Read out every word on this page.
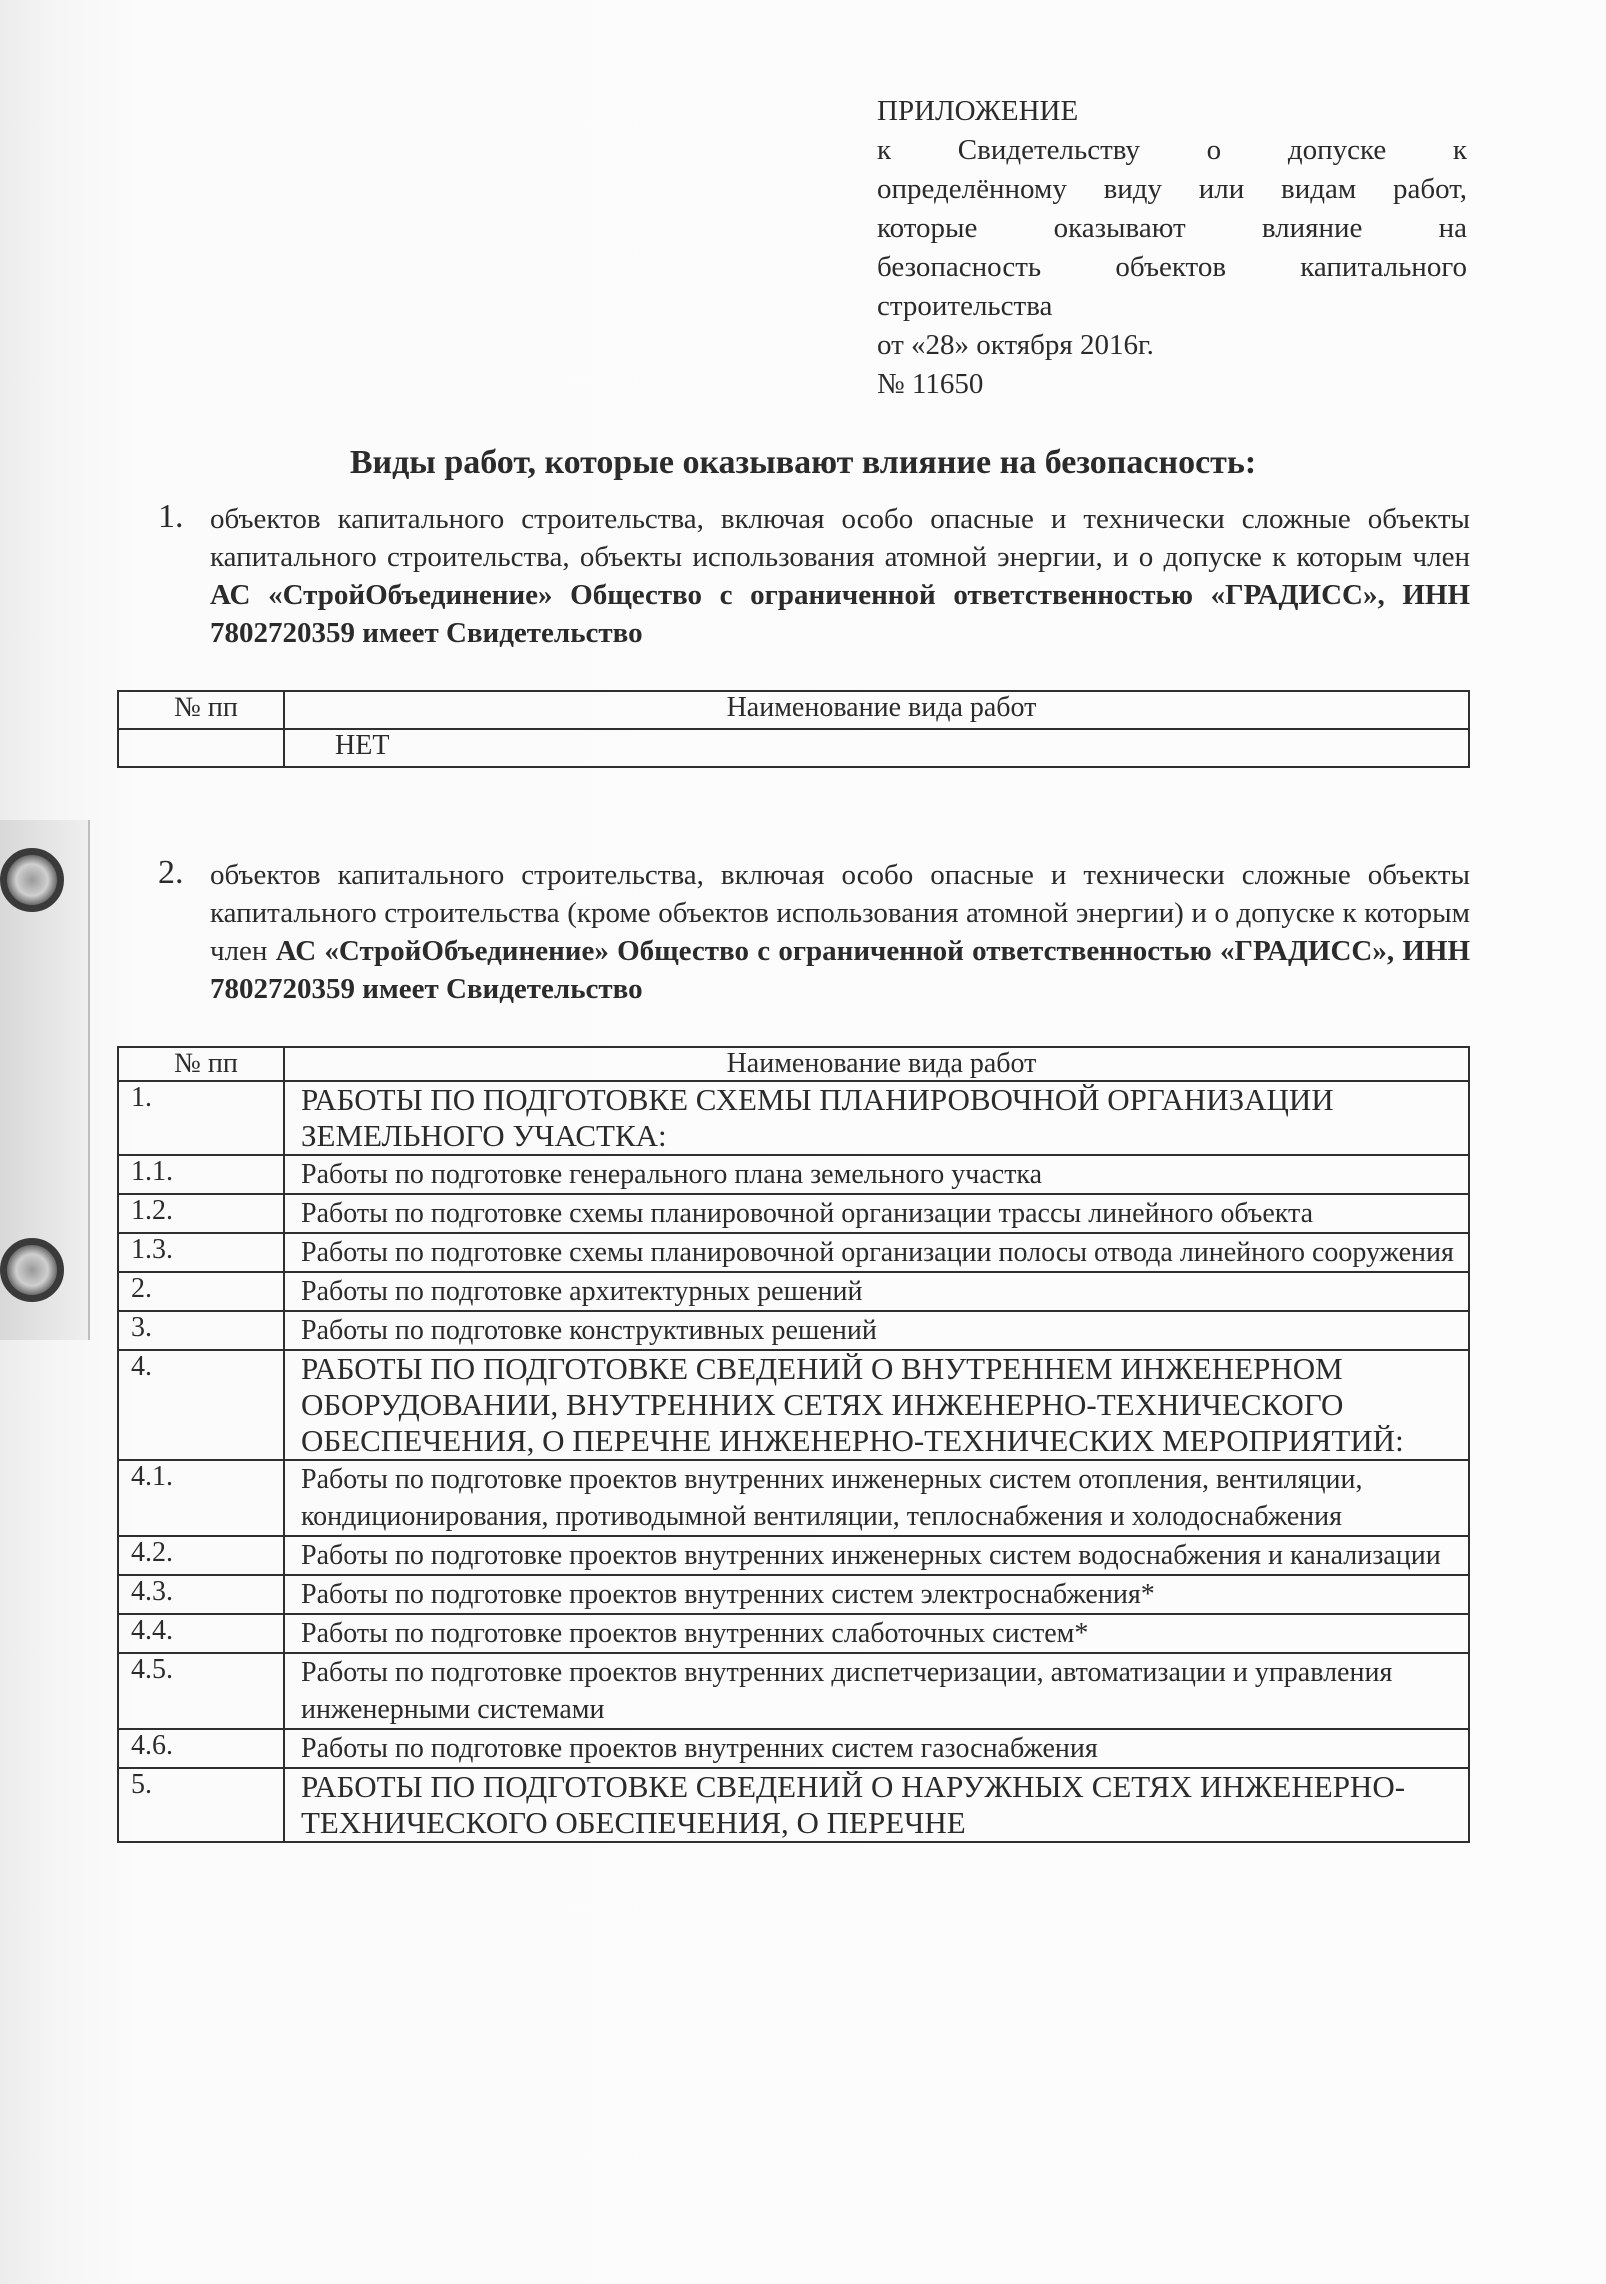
ПРИЛОЖЕНИЕ
к Свидетельству о допуске к
определённому виду или видам работ,
которые оказывают влияние на
безопасность объектов капитального
строительства
от «28» октября 2016г.
№ 11650
Виды работ, которые оказывают влияние на безопасность:
1. объектов капитального строительства, включая особо опасные и технически сложные объекты капитального строительства, объекты использования атомной энергии, и о допуске к которым член АС «СтройОбъединение» Общество с ограниченной ответственностью «ГРАДИСС», ИНН 7802720359 имеет Свидетельство
№ пп	Наименование вида работ
	НЕТ
2. объектов капитального строительства, включая особо опасные и технически сложные объекты капитального строительства (кроме объектов использования атомной энергии) и о допуске к которым член АС «СтройОбъединение» Общество с ограниченной ответственностью «ГРАДИСС», ИНН 7802720359 имеет Свидетельство
№ пп	Наименование вида работ
1.	РАБОТЫ ПО ПОДГОТОВКЕ СХЕМЫ ПЛАНИРОВОЧНОЙ ОРГАНИЗАЦИИ ЗЕМЕЛЬНОГО УЧАСТКА:
1.1.	Работы по подготовке генерального плана земельного участка
1.2.	Работы по подготовке схемы планировочной организации трассы линейного объекта
1.3.	Работы по подготовке схемы планировочной организации полосы отвода линейного сооружения
2.	Работы по подготовке архитектурных решений
3.	Работы по подготовке конструктивных решений
4.	РАБОТЫ ПО ПОДГОТОВКЕ СВЕДЕНИЙ О ВНУТРЕННЕМ ИНЖЕНЕРНОМ ОБОРУДОВАНИИ, ВНУТРЕННИХ СЕТЯХ ИНЖЕНЕРНО-ТЕХНИЧЕСКОГО ОБЕСПЕЧЕНИЯ, О ПЕРЕЧНЕ ИНЖЕНЕРНО-ТЕХНИЧЕСКИХ МЕРОПРИЯТИЙ:
4.1.	Работы по подготовке проектов внутренних инженерных систем отопления, вентиляции, кондиционирования, противодымной вентиляции, теплоснабжения и холодоснабжения
4.2.	Работы по подготовке проектов внутренних инженерных систем водоснабжения и канализации
4.3.	Работы по подготовке проектов внутренних систем электроснабжения*
4.4.	Работы по подготовке проектов внутренних слаботочных систем*
4.5.	Работы по подготовке проектов внутренних диспетчеризации, автоматизации и управления инженерными системами
4.6.	Работы по подготовке проектов внутренних систем газоснабжения
5.	РАБОТЫ ПО ПОДГОТОВКЕ СВЕДЕНИЙ О НАРУЖНЫХ СЕТЯХ ИНЖЕНЕРНО-ТЕХНИЧЕСКОГО ОБЕСПЕЧЕНИЯ, О ПЕРЕЧНЕ
